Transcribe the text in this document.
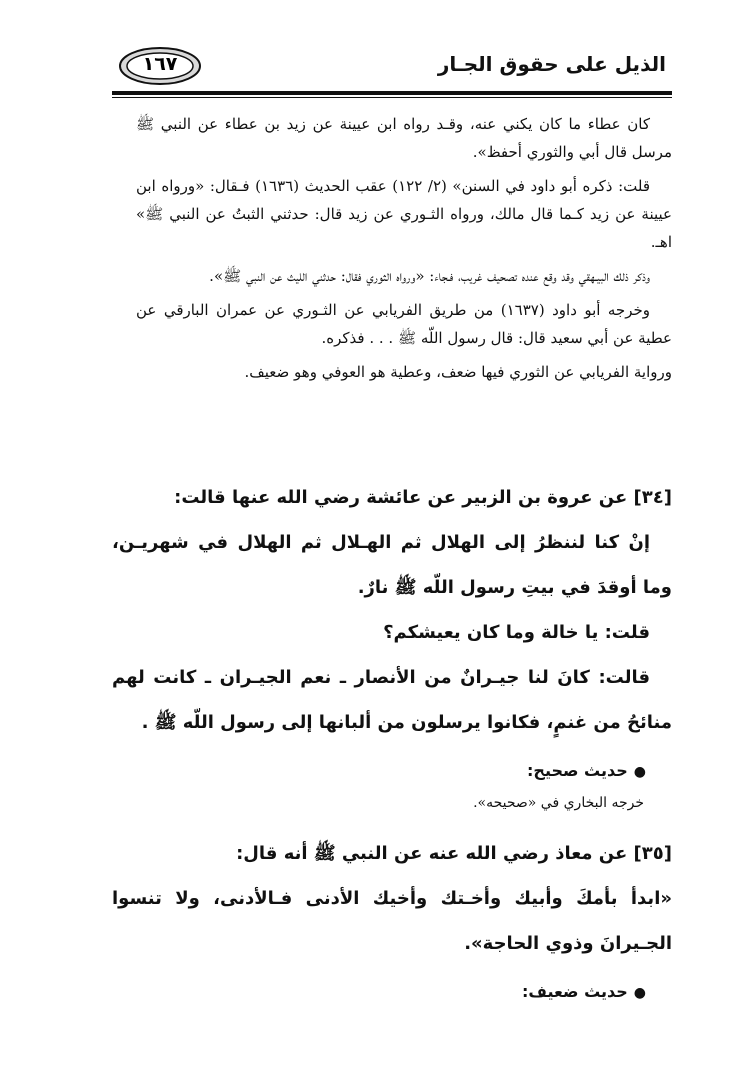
١٦٧	الذيل على حقوق الجـار

كان عطاء ما كان يكني عنه، وقـد رواه ابن عيينة عن زيد بن عطاء عن النبي ﷺ مرسل قال أبي والثوري أحفظ».

قلت: ذكره أبو داود في السنن» (٢/ ١٢٢) عقب الحديث (١٦٣٦) فـقال: «ورواه ابن عيينة عن زيد كـما قال مالك، ورواه الثـوري عن زيد قال: حدثني الثبتُ عن النبي ﷺ» اهـ.

وذكر ذلك البيـهقي وقد وقع عنده تصحيف غريب، فـجاء: «ورواه الثوري فقال: حدثني الليث عن النبي ﷺ».

وخرجه أبو داود (١٦٣٧) من طريق الفريابي عن الثـوري عن عمران البارقي عن عطية عن أبي سعيد قال: قال رسول اللّه ﷺ . . . فذكره.

ورواية الفريابي عن الثوري فيها ضعف، وعطية هو العوفي وهو ضعيف.

[٣٤] عن عروة بن الزبير عن عائشة رضي الله عنها قالت:

إنْ كنا لننظرُ إلى الهلال ثم الهـلال ثم الهلال في شهريـن، وما أوقدَ في بيتِ رسول اللّه ﷺ نارٌ.

قلت: يا خالة وما كان يعيشكم؟

قالت: كانَ لنا جيـرانٌ من الأنصار ـ نعم الجيـران ـ كانت لهم منائحُ من غنمٍ، فكانوا يرسلون من ألبانها إلى رسول اللّه ﷺ .

●حديث صحيح:

خرجه البخاري في «صحيحه».

[٣٥] عن معاذ رضي الله عنه عن النبي ﷺ أنه قال:

«ابدأ بأمكَ وأبيك وأخـتك وأخيك الأدنى فـالأدنى، ولا تنسوا الجـيرانَ وذوي الحاجة».

●حديث ضعيف:
